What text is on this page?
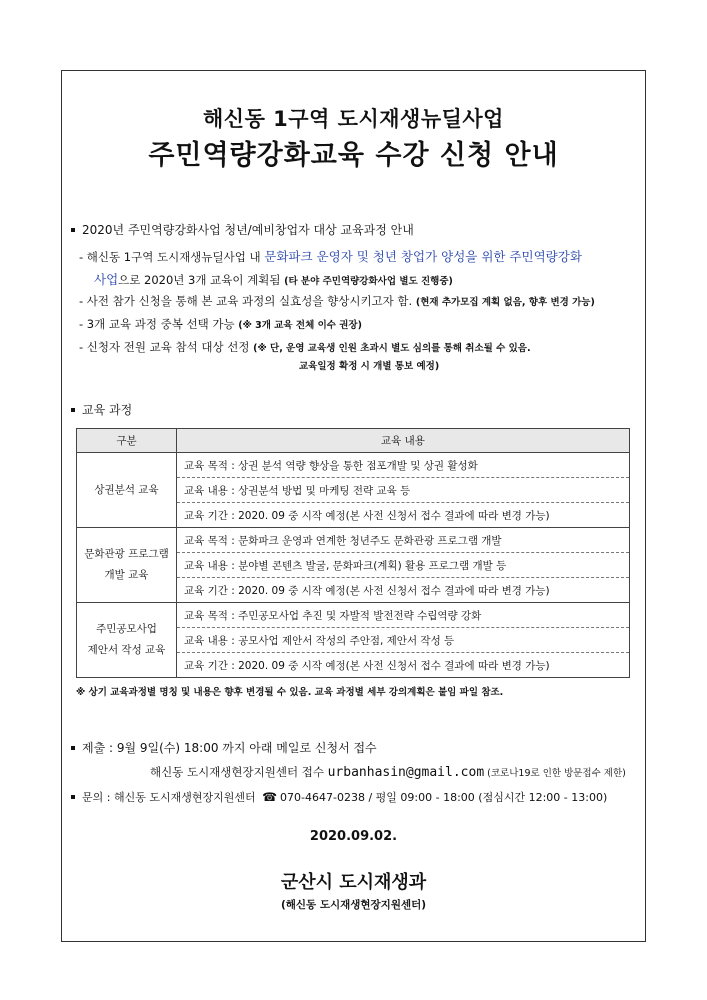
해신동 1구역 도시재생뉴딜사업
주민역량강화교육 수강 신청 안내
2020년 주민역량강화사업 청년/예비창업자 대상 교육과정 안내
- 해신동 1구역 도시재생뉴딜사업 내 문화파크 운영자 및 청년 창업가 양성을 위한 주민역량강화
사업으로 2020년 3개 교육이 계획됨 (타 분야 주민역량강화사업 별도 진행중)
- 사전 참가 신청을 통해 본 교육 과정의 실효성을 향상시키고자 함. (현재 추가모집 계획 없음, 향후 변경 가능)
- 3개 교육 과정 중복 선택 가능 (※ 3개 교육 전체 이수 권장)
- 신청자 전원 교육 참석 대상 선정 (※ 단, 운영 교육생 인원 초과시 별도 심의를 통해 취소될 수 있음.
교육일정 확정 시 개별 통보 예정)
교육 과정
구분	교육 내용

상권분석 교육	교육 목적 : 상권 분석 역량 향상을 통한 점포개발 및 상권 활성화
	교육 내용 : 상권분석 방법 및 마케팅 전략 교육 등
	교육 기간 : 2020. 09 중 시작 예정(본 사전 신청서 접수 결과에 따라 변경 가능)

문화관광 프로그램
개발 교육	교육 목적 : 문화파크 운영과 연계한 청년주도 문화관광 프로그램 개발
	교육 내용 : 분야별 콘텐츠 발굴, 문화파크(계획) 활용 프로그램 개발 등
	교육 기간 : 2020. 09 중 시작 예정(본 사전 신청서 접수 결과에 따라 변경 가능)

주민공모사업
제안서 작성 교육	교육 목적 : 주민공모사업 추진 및 자발적 발전전략 수립역량 강화
	교육 내용 : 공모사업 제안서 작성의 주안점, 제안서 작성 등
	교육 기간 : 2020. 09 중 시작 예정(본 사전 신청서 접수 결과에 따라 변경 가능)
※ 상기 교육과정별 명칭 및 내용은 향후 변경될 수 있음. 교육 과정별 세부 강의계획은 붙임 파일 참조.
제출 : 9월 9일(수) 18:00 까지 아래 메일로 신청서 접수
해신동 도시재생현장지원센터 접수 urbanhasin@gmail.com (코로나19로 인한 방문접수 제한)
문의 : 해신동 도시재생현장지원센터 ☎ 070-4647-0238 / 평일 09:00 - 18:00 (점심시간 12:00 - 13:00)
2020.09.02.
군산시 도시재생과
(해신동 도시재생현장지원센터)
